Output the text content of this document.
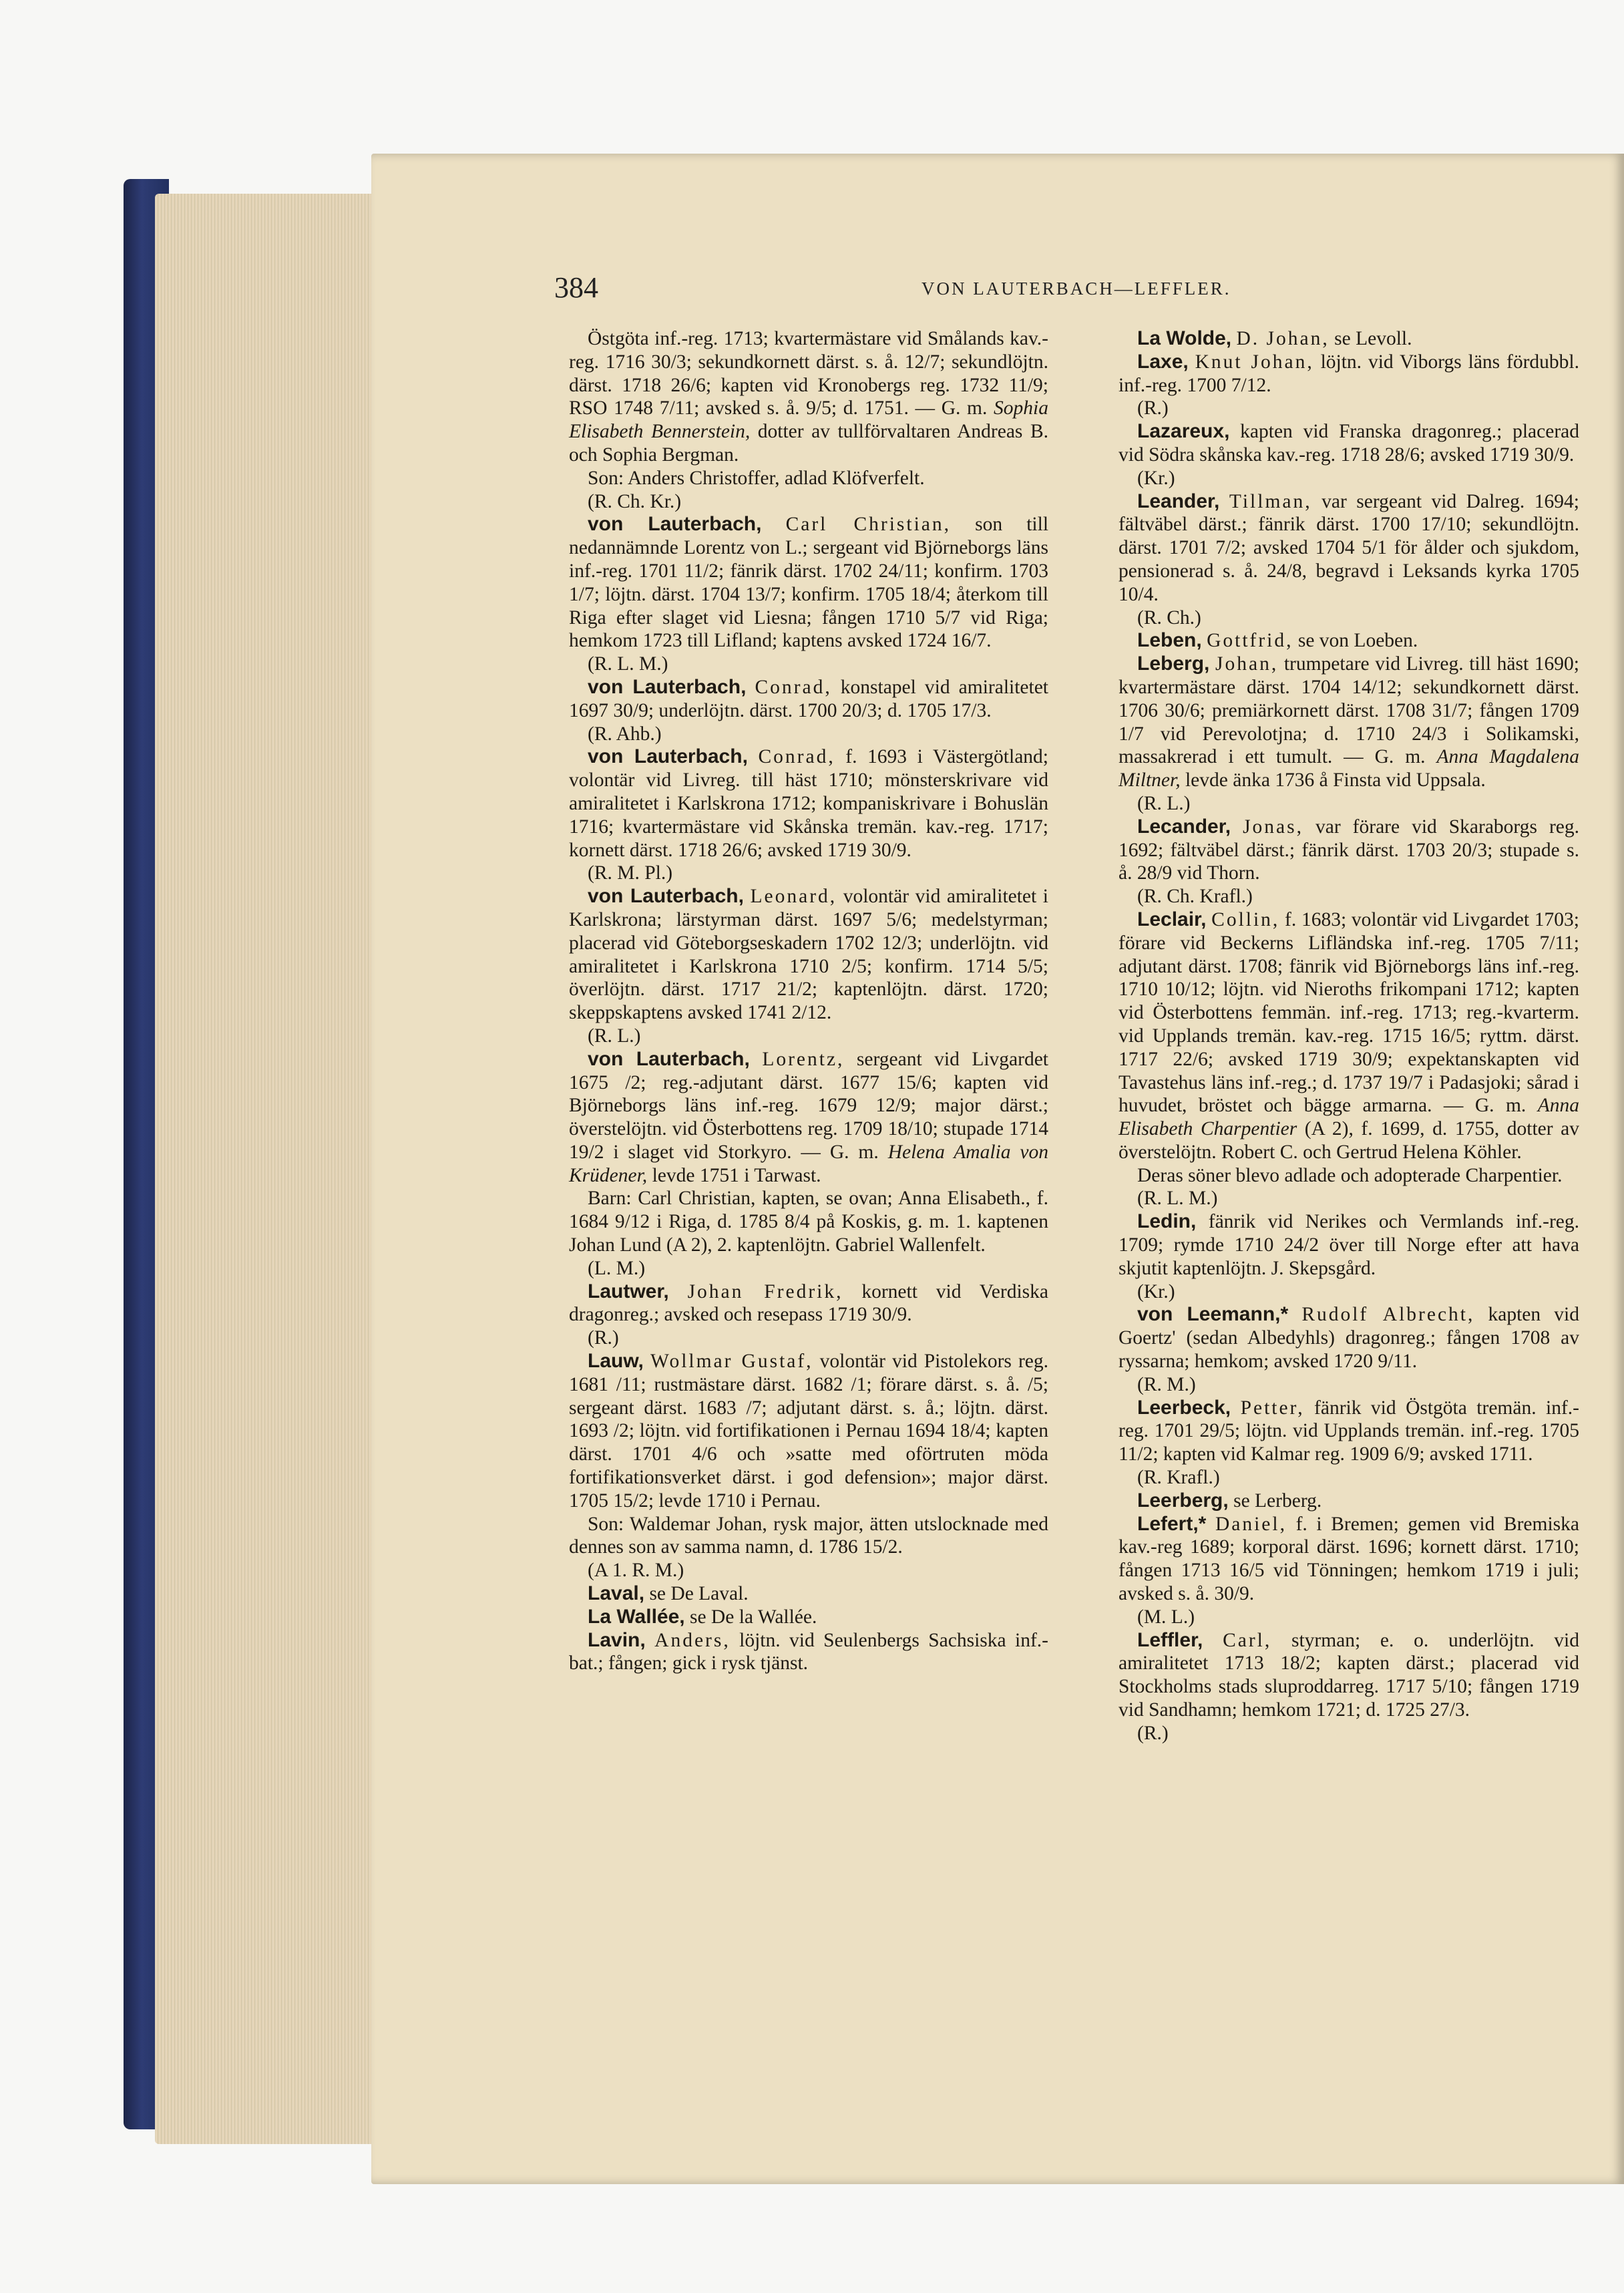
384	VON LAUTERBACH—LEFFLER.

Östgöta inf.-reg. 1713; kvartermästare vid Smålands kav.-reg. 1716 30/3; sekundkornett därst. s. å. 12/7; sekundlöjtn. därst. 1718 26/6; kapten vid Kronobergs reg. 1732 11/9; RSO 1748 7/11; avsked s. å. 9/5; d. 1751. — G. m. Sophia Elisabeth Bennerstein, dotter av tullförvaltaren Andreas B. och Sophia Bergman.

Son: Anders Christoffer, adlad Klöfverfelt.

(R. Ch. Kr.)

von Lauterbach, Carl Christian, son till nedannämnde Lorentz von L.; sergeant vid Björneborgs läns inf.-reg. 1701 11/2; fänrik därst. 1702 24/11; konfirm. 1703 1/7; löjtn. därst. 1704 13/7; konfirm. 1705 18/4; återkom till Riga efter slaget vid Liesna; fången 1710 5/7 vid Riga; hemkom 1723 till Lifland; kaptens avsked 1724 16/7.

(R. L. M.)

von Lauterbach, Conrad, konstapel vid amiralitetet 1697 30/9; underlöjtn. därst. 1700 20/3; d. 1705 17/3.

(R. Ahb.)

von Lauterbach, Conrad, f. 1693 i Västergötland; volontär vid Livreg. till häst 1710; mönsterskrivare vid amiralitetet i Karlskrona 1712; kompaniskrivare i Bohuslän 1716; kvartermästare vid Skånska tremän. kav.-reg. 1717; kornett därst. 1718 26/6; avsked 1719 30/9.

(R. M. Pl.)

von Lauterbach, Leonard, volontär vid amiralitetet i Karlskrona; lärstyrman därst. 1697 5/6; medelstyrman; placerad vid Göteborgseskadern 1702 12/3; underlöjtn. vid amiralitetet i Karlskrona 1710 2/5; konfirm. 1714 5/5; överlöjtn. därst. 1717 21/2; kaptenlöjtn. därst. 1720; skeppskaptens avsked 1741 2/12.

(R. L.)

von Lauterbach, Lorentz, sergeant vid Livgardet 1675 /2; reg.-adjutant därst. 1677 15/6; kapten vid Björneborgs läns inf.-reg. 1679 12/9; major därst.; överstelöjtn. vid Österbottens reg. 1709 18/10; stupade 1714 19/2 i slaget vid Storkyro. — G. m. Helena Amalia von Krüdener, levde 1751 i Tarwast.

Barn: Carl Christian, kapten, se ovan; Anna Elisabeth., f. 1684 9/12 i Riga, d. 1785 8/4 på Koskis, g. m. 1. kaptenen Johan Lund (A 2), 2. kaptenlöjtn. Gabriel Wallenfelt.

(L. M.)

Lautwer, Johan Fredrik, kornett vid Verdiska dragonreg.; avsked och resepass 1719 30/9.

(R.)

Lauw, Wollmar Gustaf, volontär vid Pistolekors reg. 1681 /11; rustmästare därst. 1682 /1; förare därst. s. å. /5; sergeant därst. 1683 /7; adjutant därst. s. å.; löjtn. därst. 1693 /2; löjtn. vid fortifikationen i Pernau 1694 18/4; kapten därst. 1701 4/6 och »satte med oförtruten möda fortifikationsverket därst. i god defension»; major därst. 1705 15/2; levde 1710 i Pernau.

Son: Waldemar Johan, rysk major, ätten utslocknade med dennes son av samma namn, d. 1786 15/2.

(A 1. R. M.)

Laval, se De Laval.

La Wallée, se De la Wallée.

Lavin, Anders, löjtn. vid Seulenbergs Sachsiska inf.-bat.; fången; gick i rysk tjänst.

La Wolde, D. Johan, se Levoll.

Laxe, Knut Johan, löjtn. vid Viborgs läns fördubbl. inf.-reg. 1700 7/12.

(R.)

Lazareux, kapten vid Franska dragonreg.; placerad vid Södra skånska kav.-reg. 1718 28/6; avsked 1719 30/9.

(Kr.)

Leander, Tillman, var sergeant vid Dalreg. 1694; fältväbel därst.; fänrik därst. 1700 17/10; sekundlöjtn. därst. 1701 7/2; avsked 1704 5/1 för ålder och sjukdom, pensionerad s. å. 24/8, begravd i Leksands kyrka 1705 10/4.

(R. Ch.)

Leben, Gottfrid, se von Loeben.

Leberg, Johan, trumpetare vid Livreg. till häst 1690; kvartermästare därst. 1704 14/12; sekundkornett därst. 1706 30/6; premiärkornett därst. 1708 31/7; fången 1709 1/7 vid Perevolotjna; d. 1710 24/3 i Solikamski, massakrerad i ett tumult. — G. m. Anna Magdalena Miltner, levde änka 1736 å Finsta vid Uppsala.

(R. L.)

Lecander, Jonas, var förare vid Skaraborgs reg. 1692; fältväbel därst.; fänrik därst. 1703 20/3; stupade s. å. 28/9 vid Thorn.

(R. Ch. Krafl.)

Leclair, Collin, f. 1683; volontär vid Livgardet 1703; förare vid Beckerns Lifländska inf.-reg. 1705 7/11; adjutant därst. 1708; fänrik vid Björneborgs läns inf.-reg. 1710 10/12; löjtn. vid Nieroths frikompani 1712; kapten vid Österbottens femmän. inf.-reg. 1713; reg.-kvarterm. vid Upplands tremän. kav.-reg. 1715 16/5; ryttm. därst. 1717 22/6; avsked 1719 30/9; expektanskapten vid Tavastehus läns inf.-reg.; d. 1737 19/7 i Padasjoki; sårad i huvudet, bröstet och bägge armarna. — G. m. Anna Elisabeth Charpentier (A 2), f. 1699, d. 1755, dotter av överstelöjtn. Robert C. och Gertrud Helena Köhler.

Deras söner blevo adlade och adopterade Charpentier.

(R. L. M.)

Ledin, fänrik vid Nerikes och Vermlands inf.-reg. 1709; rymde 1710 24/2 över till Norge efter att hava skjutit kaptenlöjtn. J. Skepsgård.

(Kr.)

von Leemann,* Rudolf Albrecht, kapten vid Goertz' (sedan Albedyhls) dragonreg.; fången 1708 av ryssarna; hemkom; avsked 1720 9/11.

(R. M.)

Leerbeck, Petter, fänrik vid Östgöta tremän. inf.-reg. 1701 29/5; löjtn. vid Upplands tremän. inf.-reg. 1705 11/2; kapten vid Kalmar reg. 1909 6/9; avsked 1711.

(R. Krafl.)

Leerberg, se Lerberg.

Lefert,* Daniel, f. i Bremen; gemen vid Bremiska kav.-reg 1689; korporal därst. 1696; kornett därst. 1710; fången 1713 16/5 vid Tönningen; hemkom 1719 i juli; avsked s. å. 30/9.

(M. L.)

Leffler, Carl, styrman; e. o. underlöjtn. vid amiralitetet 1713 18/2; kapten därst.; placerad vid Stockholms stads sluproddarreg. 1717 5/10; fången 1719 vid Sandhamn; hemkom 1721; d. 1725 27/3.

(R.)
